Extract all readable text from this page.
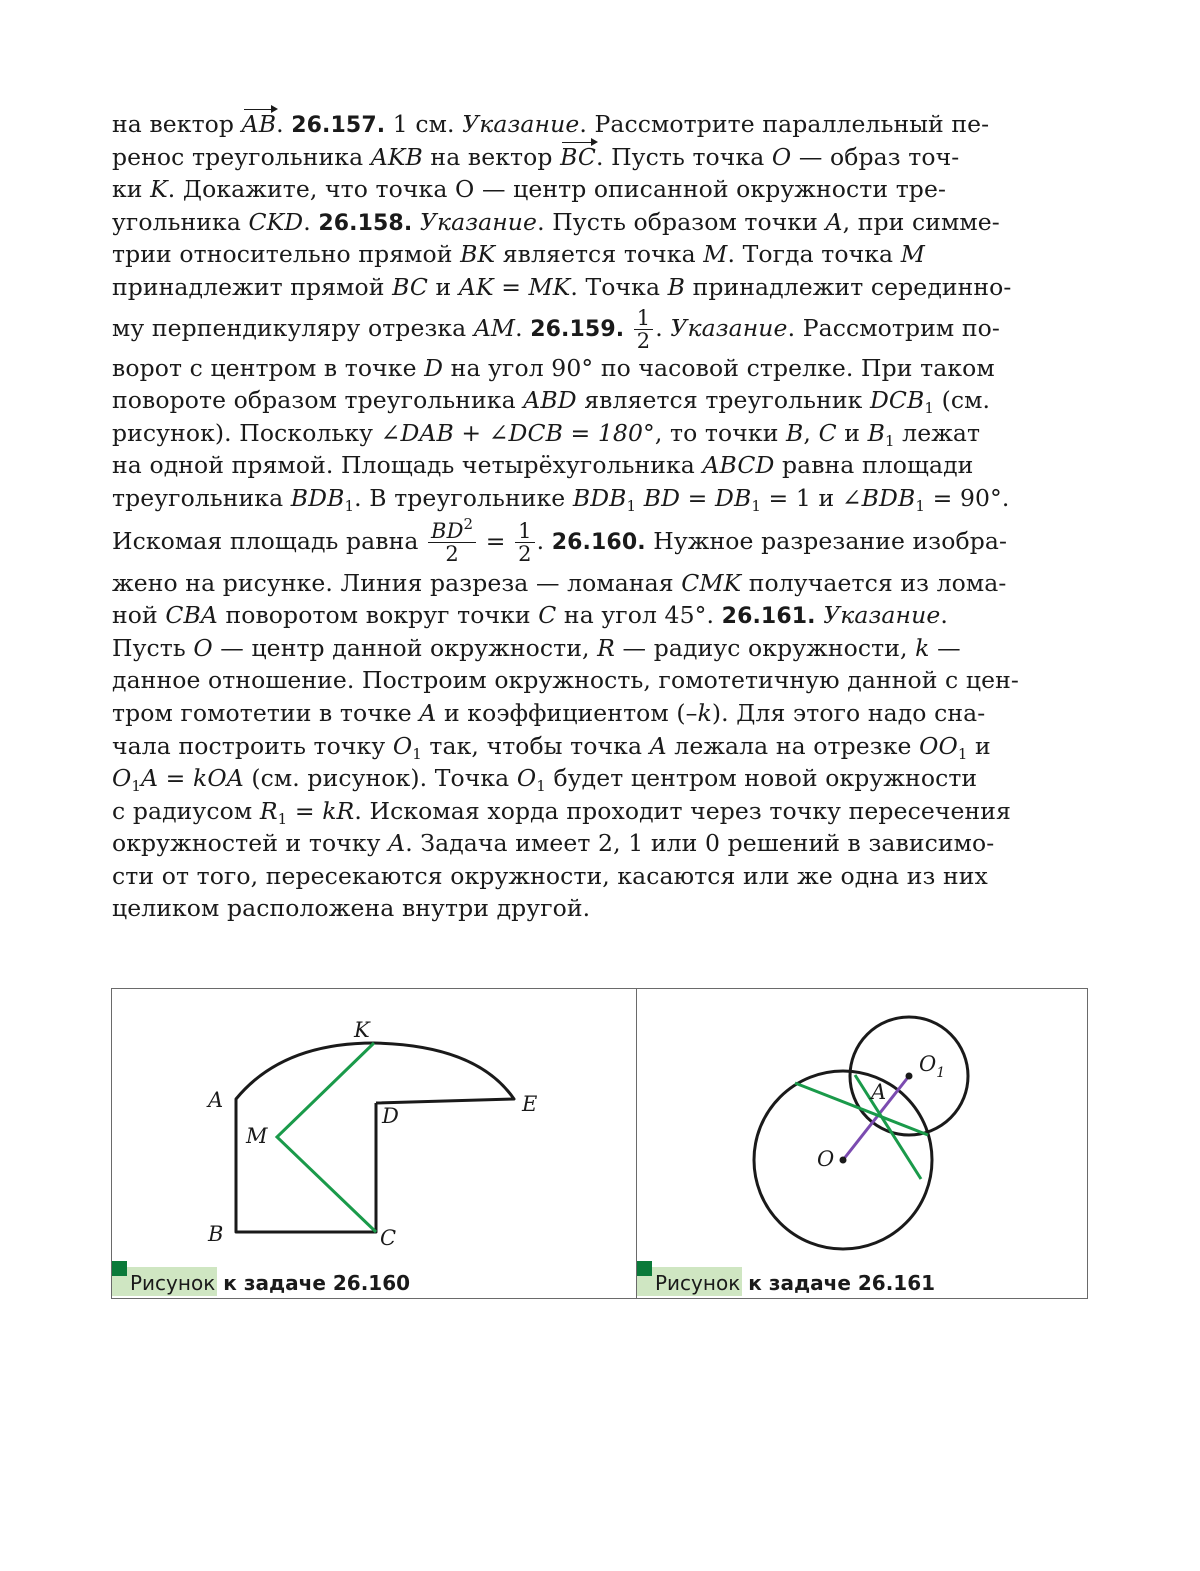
на вектор AB. 26.157. 1 см. Указание. Рассмотрите параллельный пе-
ренос треугольника AKB на вектор BC. Пусть точка O — образ точ-
ки K. Докажите, что точка O — центр описанной окружности тре-
угольника CKD. 26.158. Указание. Пусть образом точки A, при симме-
трии относительно прямой BK является точка M. Тогда точка M
принадлежит прямой BC и AK = MK. Точка B принадлежит серединно-
му перпендикуляру отрезка AM. 26.159. $\frac{1}{2}$ . Указание. Рассмотрим по-
ворот с центром в точке D на угол 90° по часовой стрелке. При таком
повороте образом треугольника ABD является треугольник $DCB_1$ (см.
рисунок). Поскольку ∠DAB + ∠DCB = 180°, то точки B, C и $B_1$ лежат
на одной прямой. Площадь четырёхугольника ABCD равна площади
треугольника $BDB_1$. В треугольнике $BDB_1$ BD = $DB_1 = 1$ и $\angle BDB_1 = 90^\circ$.
Искомая площадь равна $\frac{BD^2}{2} = \frac{1}{2}$ . 26.160. Нужное разрезание изобра-
жено на рисунке. Линия разреза — ломаная CMK получается из лома-
ной CBA поворотом вокруг точки C на угол 45°. 26.161. Указание.
Пусть O — центр данной окружности, R — радиус окружности, k —
данное отношение. Построим окружность, гомотетичную данной с цен-
тром гомотетии в точке A и коэффициентом (–k). Для этого надо сна-
чала построить точку $O_1$ так, чтобы точка A лежала на отрезке $OO_1$ и
$O_1A$ = kOA (см. рисунок). Точка $O_1$ будет центром новой окружности
с радиусом $R_1$ = kR. Искомая хорда проходит через точку пересечения
окружностей и точку A. Задача имеет 2, 1 или 0 решений в зависимо-
сти от того, пересекаются окружности, касаются или же одна из них
целиком расположена внутри другой.
K
A	E
D
M
B	C
Рисунок к задаче 26.160
$O_1$
A
O
Рисунок к задаче 26.161
